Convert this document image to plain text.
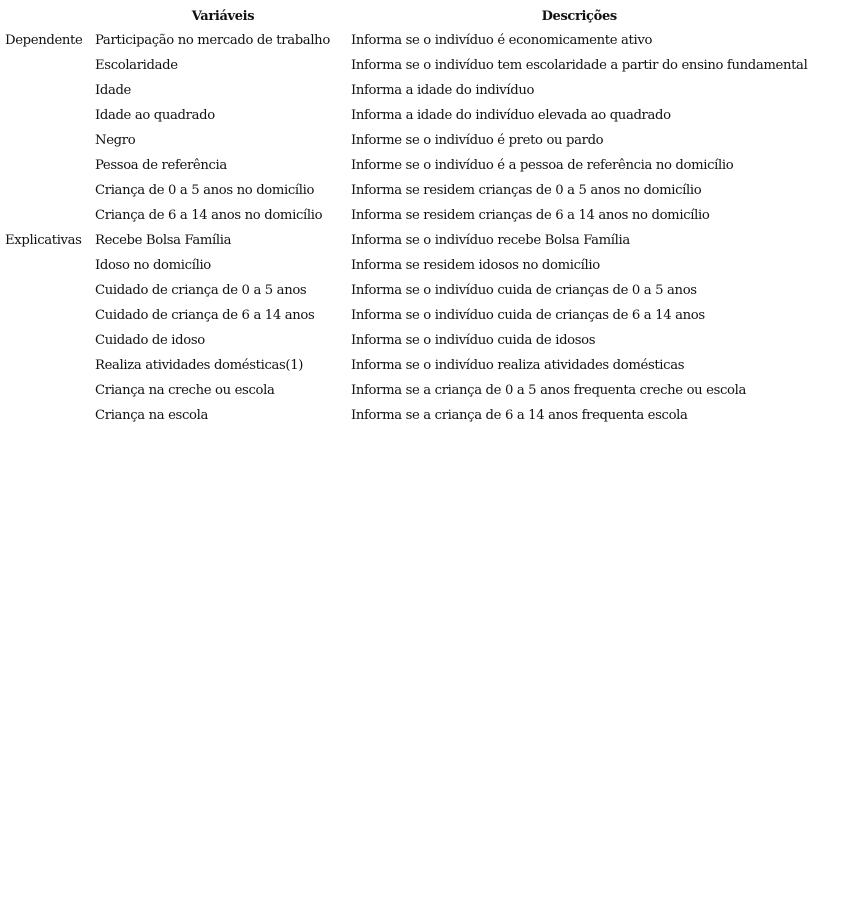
	Variáveis	Descrições
Dependente	Participação no mercado de trabalho	Informa se o indivíduo é economicamente ativo
	Escolaridade	Informa se o indivíduo tem escolaridade a partir do ensino fundamental
	Idade	Informa a idade do indivíduo
	Idade ao quadrado	Informa a idade do indivíduo elevada ao quadrado
	Negro	Informe se o indivíduo é preto ou pardo
	Pessoa de referência	Informe se o indivíduo é a pessoa de referência no domicílio
	Criança de 0 a 5 anos no domicílio	Informa se residem crianças de 0 a 5 anos no domicílio
	Criança de 6 a 14 anos no domicílio	Informa se residem crianças de 6 a 14 anos no domicílio
Explicativas	Recebe Bolsa Família	Informa se o indivíduo recebe Bolsa Família
	Idoso no domicílio	Informa se residem idosos no domicílio
	Cuidado de criança de 0 a 5 anos	Informa se o indivíduo cuida de crianças de 0 a 5 anos
	Cuidado de criança de 6 a 14 anos	Informa se o indivíduo cuida de crianças de 6 a 14 anos
	Cuidado de idoso	Informa se o indivíduo cuida de idosos
	Realiza atividades domésticas(1)	Informa se o indivíduo realiza atividades domésticas
	Criança na creche ou escola	Informa se a criança de 0 a 5 anos frequenta creche ou escola
	Criança na escola	Informa se a criança de 6 a 14 anos frequenta escola
